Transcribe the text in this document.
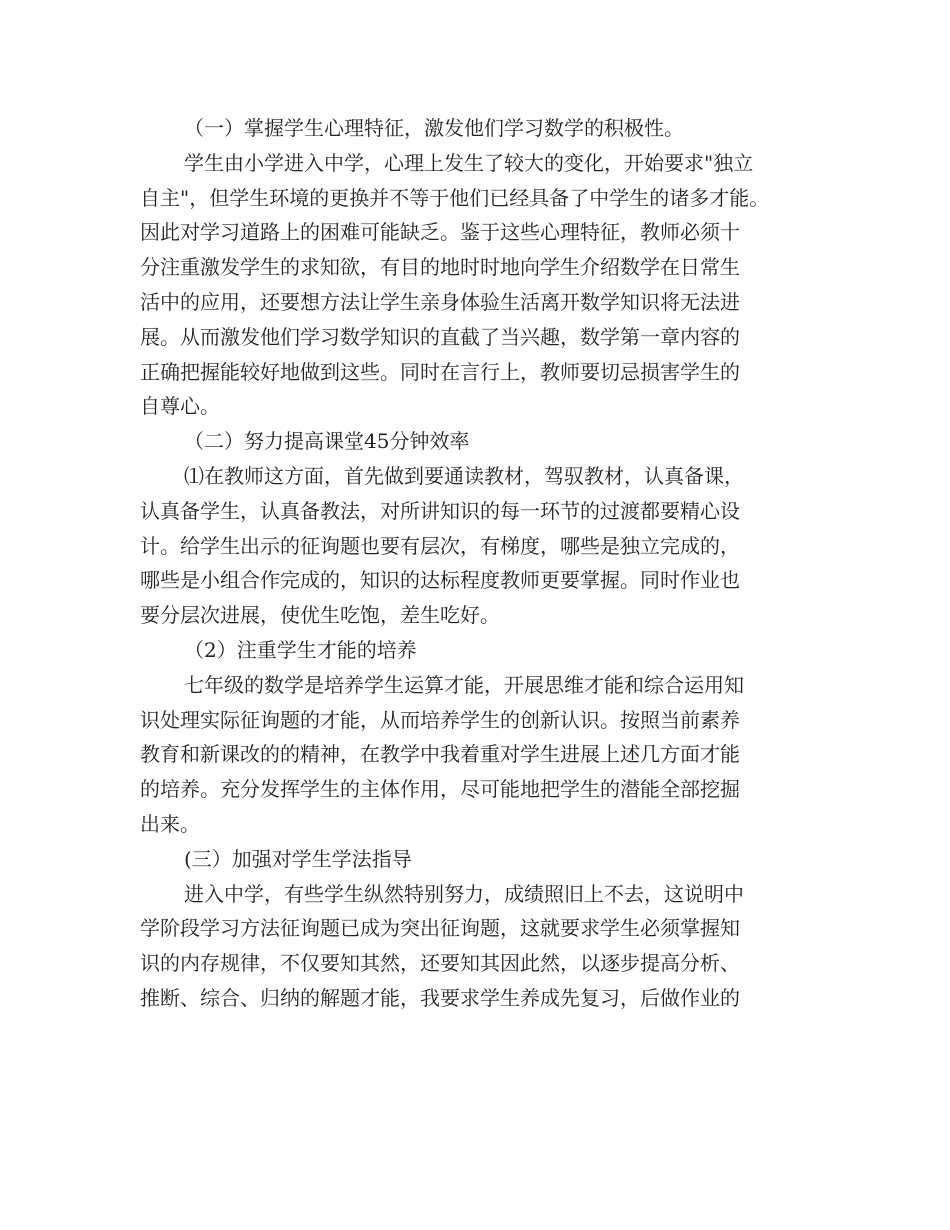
（一）掌握学生心理特征，激发他们学习数学的积极性。

学生由小学进入中学，心理上发生了较大的变化，开始要求"独立
自主"，但学生环境的更换并不等于他们已经具备了中学生的诸多才能。
因此对学习道路上的困难可能缺乏。鉴于这些心理特征，教师必须十
分注重激发学生的求知欲，有目的地时时地向学生介绍数学在日常生
活中的应用，还要想方法让学生亲身体验生活离开数学知识将无法进
展。从而激发他们学习数学知识的直截了当兴趣，数学第一章内容的
正确把握能较好地做到这些。同时在言行上，教师要切忌损害学生的
自尊心。

（二）努力提高课堂45分钟效率

⑴在教师这方面，首先做到要通读教材，驾驭教材，认真备课，
认真备学生，认真备教法，对所讲知识的每一环节的过渡都要精心设
计。给学生出示的征询题也要有层次，有梯度，哪些是独立完成的，
哪些是小组合作完成的，知识的达标程度教师更要掌握。同时作业也
要分层次进展，使优生吃饱，差生吃好。

（2）注重学生才能的培养

七年级的数学是培养学生运算才能，开展思维才能和综合运用知
识处理实际征询题的才能，从而培养学生的创新认识。按照当前素养
教育和新课改的的精神，在教学中我着重对学生进展上述几方面才能
的培养。充分发挥学生的主体作用，尽可能地把学生的潜能全部挖掘
出来。

(三）加强对学生学法指导

进入中学，有些学生纵然特别努力，成绩照旧上不去，这说明中
学阶段学习方法征询题已成为突出征询题，这就要求学生必须掌握知
识的内存规律，不仅要知其然，还要知其因此然，以逐步提高分析、
推断、综合、归纳的解题才能，我要求学生养成先复习，后做作业的
